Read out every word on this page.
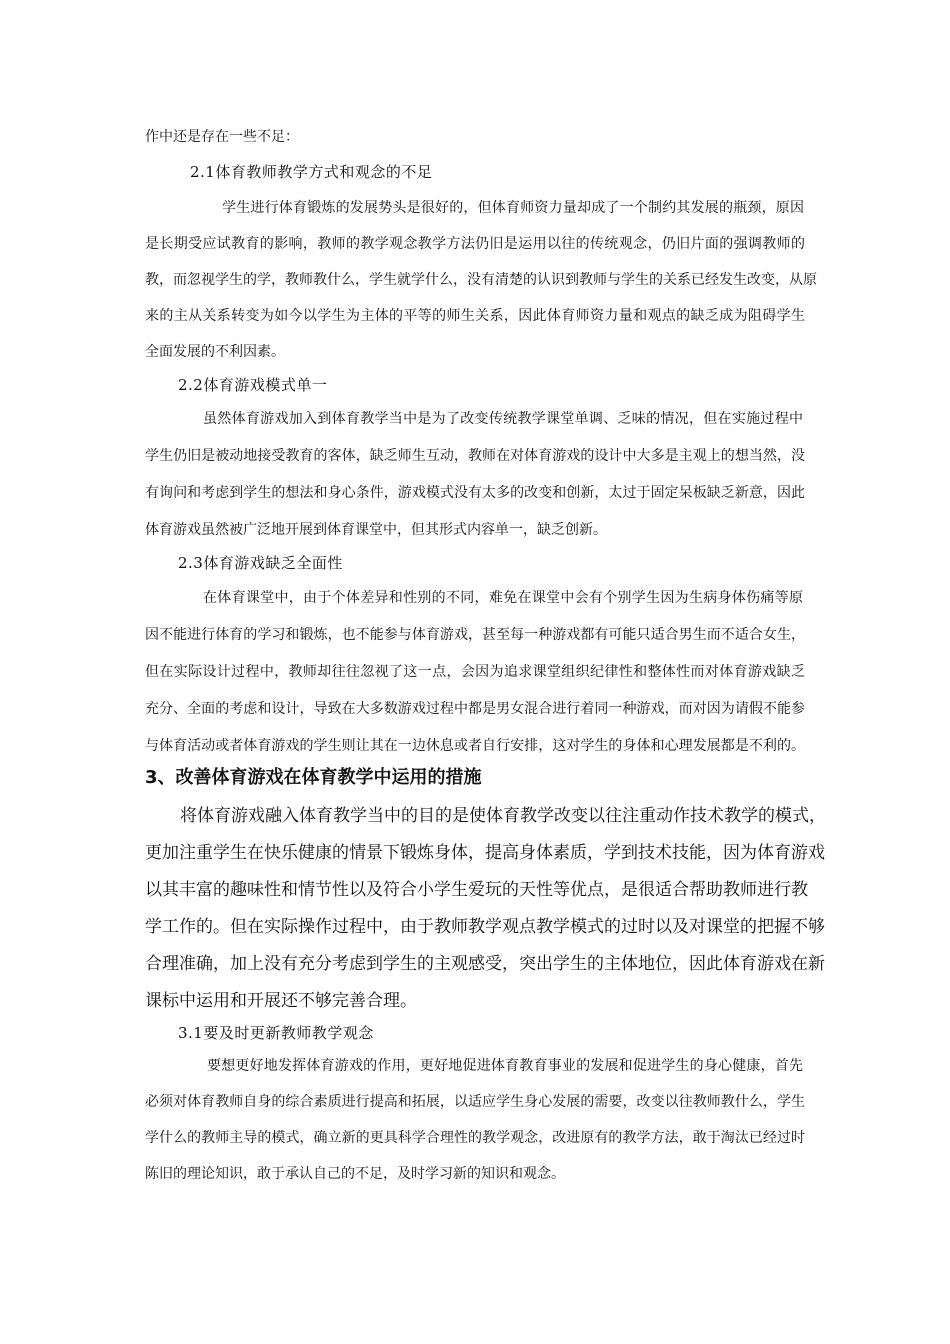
作中还是存在一些不足：
2.1体育教师教学方式和观念的不足
学生进行体育锻炼的发展势头是很好的，但体育师资力量却成了一个制约其发展的瓶颈，原因
是长期受应试教育的影响，教师的教学观念教学方法仍旧是运用以往的传统观念，仍旧片面的强调教师的
教，而忽视学生的学，教师教什么，学生就学什么，没有清楚的认识到教师与学生的关系已经发生改变，从原
来的主从关系转变为如今以学生为主体的平等的师生关系，因此体育师资力量和观点的缺乏成为阻碍学生
全面发展的不利因素。
2.2体育游戏模式单一
虽然体育游戏加入到体育教学当中是为了改变传统教学课堂单调、乏味的情况，但在实施过程中
学生仍旧是被动地接受教育的客体，缺乏师生互动，教师在对体育游戏的设计中大多是主观上的想当然，没
有询问和考虑到学生的想法和身心条件，游戏模式没有太多的改变和创新，太过于固定呆板缺乏新意，因此
体育游戏虽然被广泛地开展到体育课堂中，但其形式内容单一，缺乏创新。
2.3体育游戏缺乏全面性
在体育课堂中，由于个体差异和性别的不同，难免在课堂中会有个别学生因为生病身体伤痛等原
因不能进行体育的学习和锻炼，也不能参与体育游戏，甚至每一种游戏都有可能只适合男生而不适合女生，
但在实际设计过程中，教师却往往忽视了这一点，会因为追求课堂组织纪律性和整体性而对体育游戏缺乏
充分、全面的考虑和设计，导致在大多数游戏过程中都是男女混合进行着同一种游戏，而对因为请假不能参
与体育活动或者体育游戏的学生则让其在一边休息或者自行安排，这对学生的身体和心理发展都是不利的。
3、改善体育游戏在体育教学中运用的措施
将体育游戏融入体育教学当中的目的是使体育教学改变以往注重动作技术教学的模式，
更加注重学生在快乐健康的情景下锻炼身体，提高身体素质，学到技术技能，因为体育游戏
以其丰富的趣味性和情节性以及符合小学生爱玩的天性等优点，是很适合帮助教师进行教
学工作的。但在实际操作过程中，由于教师教学观点教学模式的过时以及对课堂的把握不够
合理准确，加上没有充分考虑到学生的主观感受，突出学生的主体地位，因此体育游戏在新
课标中运用和开展还不够完善合理。
3.1要及时更新教师教学观念
要想更好地发挥体育游戏的作用，更好地促进体育教育事业的发展和促进学生的身心健康，首先
必须对体育教师自身的综合素质进行提高和拓展，以适应学生身心发展的需要，改变以往教师教什么，学生
学什么的教师主导的模式，确立新的更具科学合理性的教学观念，改进原有的教学方法，敢于淘汰已经过时
陈旧的理论知识，敢于承认自己的不足，及时学习新的知识和观念。
